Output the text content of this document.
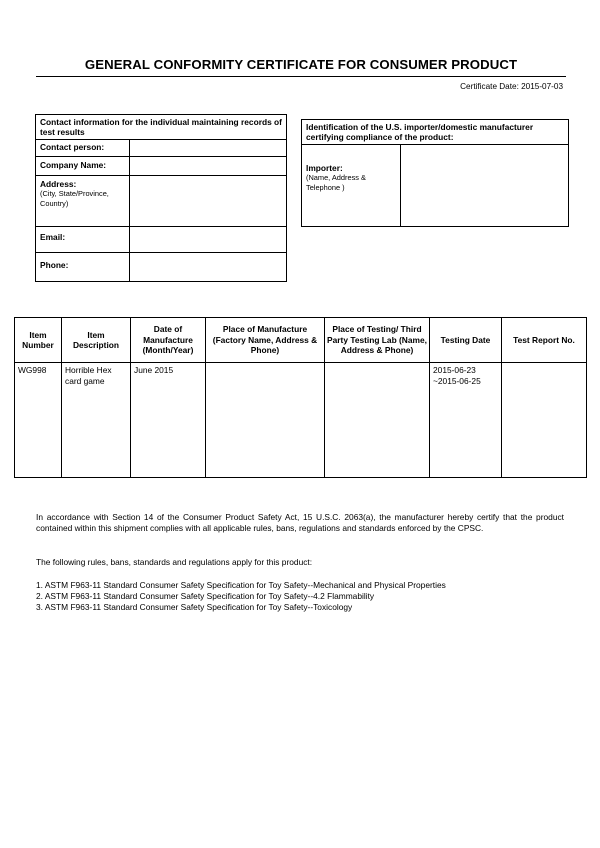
GENERAL CONFORMITY CERTIFICATE FOR CONSUMER PRODUCT
Certificate Date: 2015-07-03
Contact information for the individual maintaining records of test results	
Contact person:	
Company Name:	
Address:
(City, State/Province, Country)	

Email:	
Phone:	
Identification of the U.S. importer/domestic manufacturer certifying compliance of the product:
Importer:
(Name, Address & Telephone )

Item Number	Item Description	Date of Manufacture (Month/Year)	Place of Manufacture (Factory Name, Address & Phone)	Place of Testing/ Third Party Testing Lab (Name, Address & Phone)	Testing Date	Test Report No.
WG998	Horrible Hex card game	June 2015			2015-06-23 ~2015-06-25	

In accordance with Section 14 of the Consumer Product Safety Act, 15 U.S.C. 2063(a), the manufacturer hereby certify that the product contained within this shipment complies with all applicable rules, bans, regulations and standards enforced by the CPSC.

The following rules, bans, standards and regulations apply for this product:

1. ASTM F963-11 Standard Consumer Safety Specification for Toy Safety--Mechanical and Physical Properties
2. ASTM F963-11 Standard Consumer Safety Specification for Toy Safety--4.2 Flammability
3. ASTM F963-11 Standard Consumer Safety Specification for Toy Safety--Toxicology
